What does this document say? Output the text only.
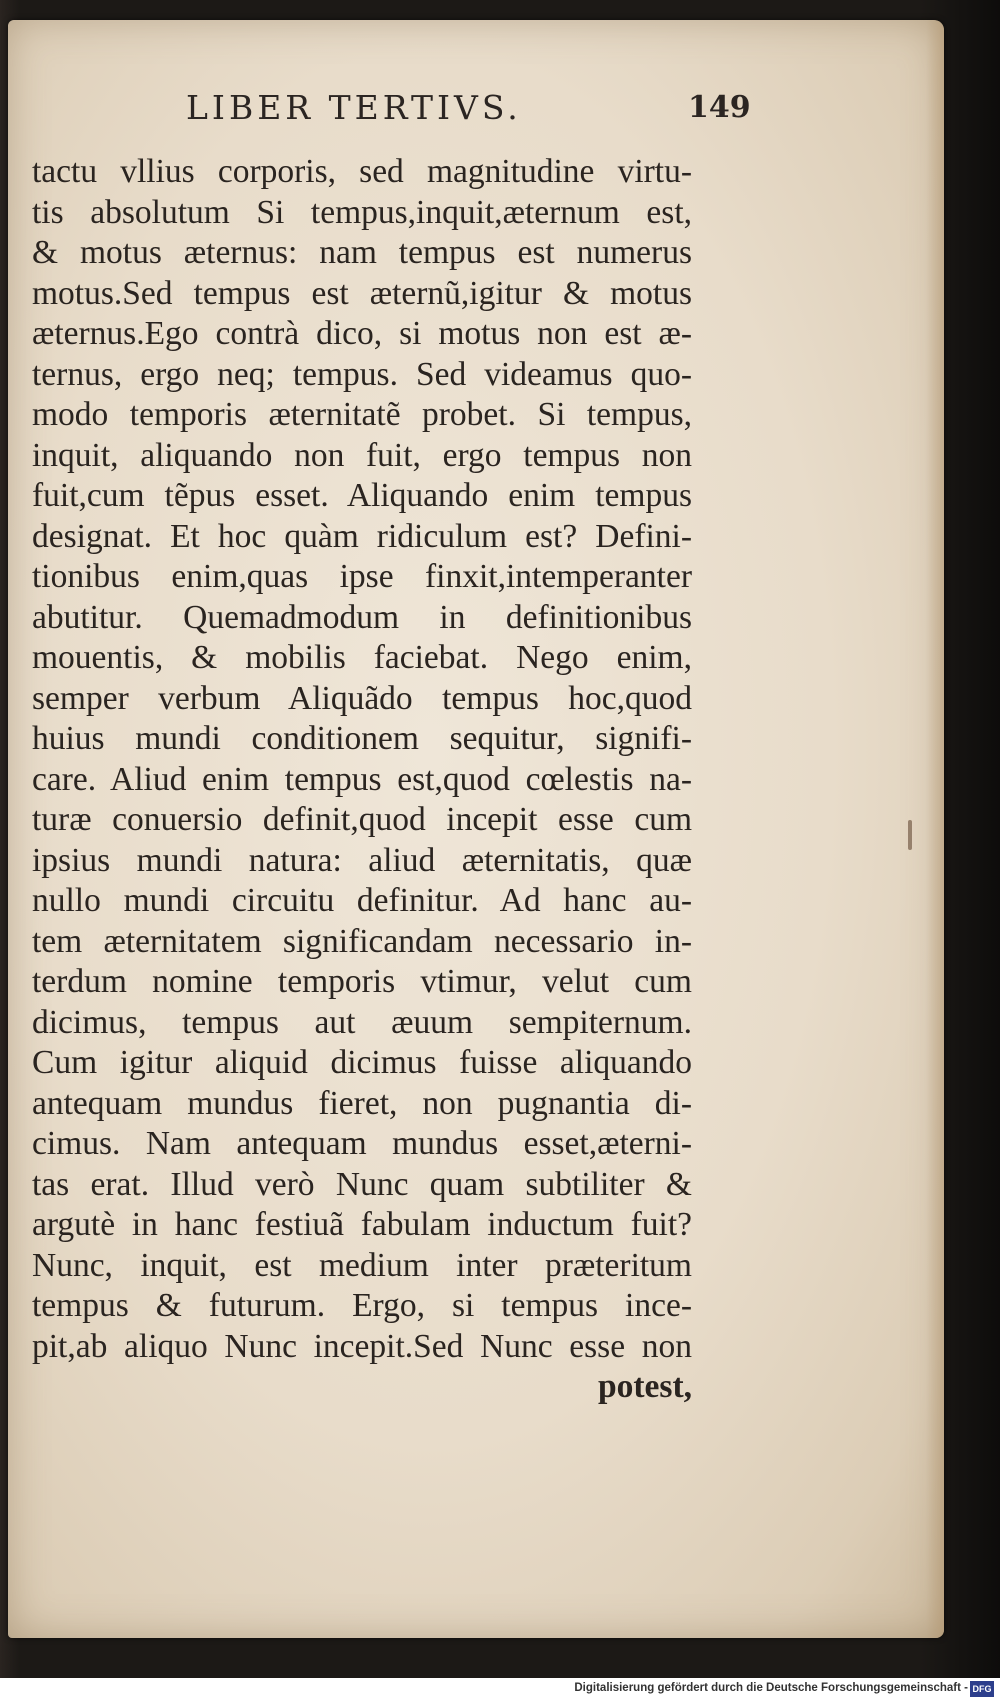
LIBER TERTIVS.	149
tactu vllius corporis, sed magnitudine virtu-
tis absolutum Si tempus,inquit,æternum est,
& motus æternus: nam tempus est numerus
motus.Sed tempus est æternũ,igitur & motus
æternus.Ego contrà dico, si motus non est æ-
ternus, ergo neq; tempus. Sed videamus quo-
modo temporis æternitatẽ probet. Si tempus,
inquit, aliquando non fuit, ergo tempus non
fuit,cum tẽpus esset. Aliquando enim tempus
designat. Et hoc quàm ridiculum est? Defini-
tionibus enim,quas ipse finxit,intemperanter
abutitur. Quemadmodum in definitionibus
mouentis, & mobilis faciebat. Nego enim,
semper verbum Aliquãdo tempus hoc,quod
huius mundi conditionem sequitur, signifi-
care. Aliud enim tempus est,quod cœlestis na-
turæ conuersio definit,quod incepit esse cum
ipsius mundi natura: aliud æternitatis, quæ
nullo mundi circuitu definitur. Ad hanc au-
tem æternitatem significandam necessario in-
terdum nomine temporis vtimur, velut cum
dicimus, tempus aut æuum sempiternum.
Cum igitur aliquid dicimus fuisse aliquando
antequam mundus fieret, non pugnantia di-
cimus. Nam antequam mundus esset,æterni-
tas erat. Illud verò Nunc quam subtiliter &
argutè in hanc festiuã fabulam inductum fuit?
Nunc, inquit, est medium inter præteritum
tempus & futurum. Ergo, si tempus ince-
pit,ab aliquo Nunc incepit.Sed Nunc esse non
potest,
Digitalisierung gefördert durch die Deutsche Forschungsgemeinschaft - DFG
